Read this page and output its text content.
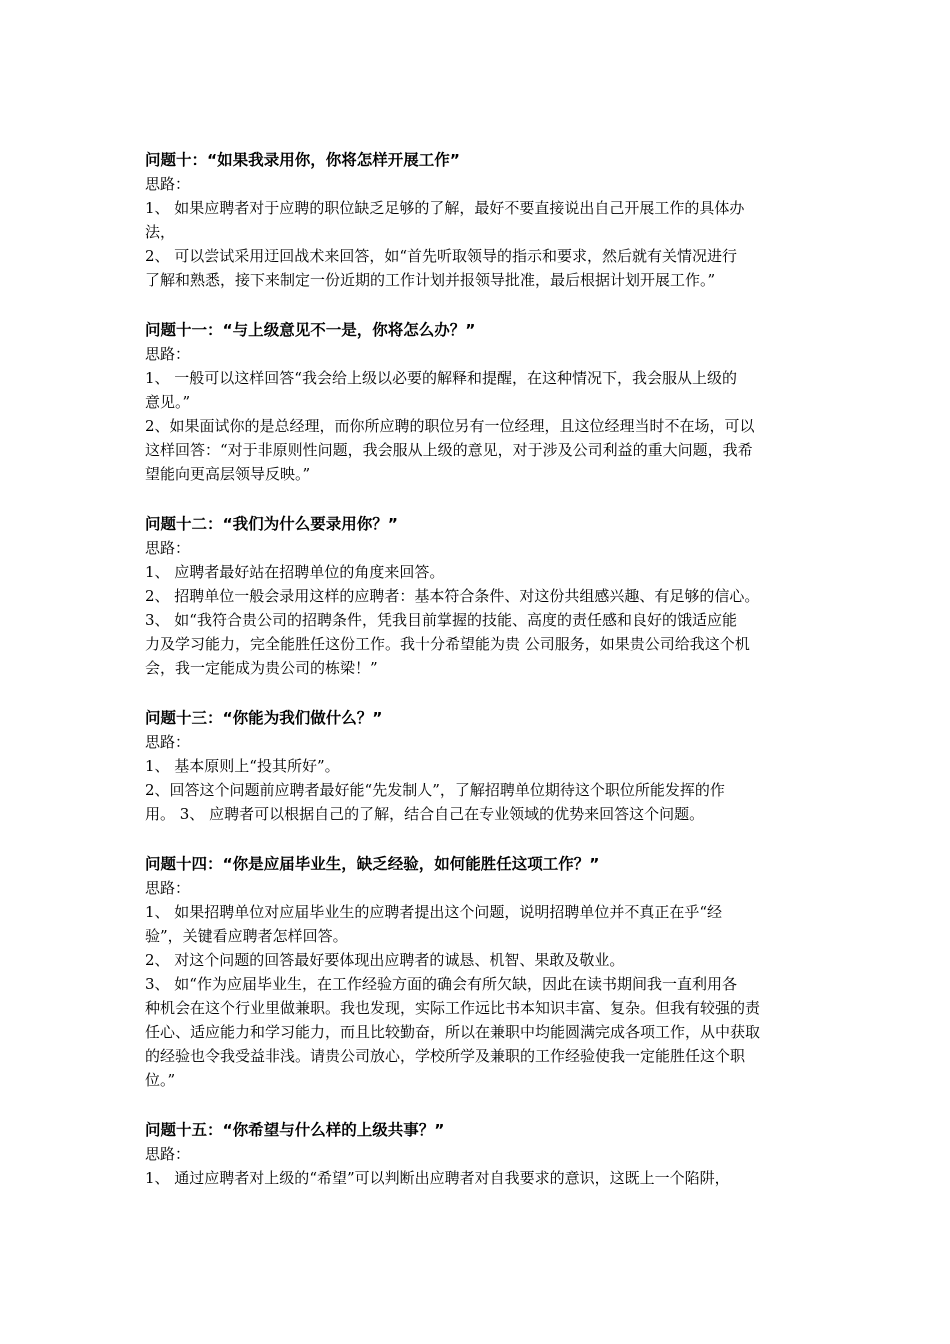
问题十：“如果我录用你，你将怎样开展工作”
思路：
1、 如果应聘者对于应聘的职位缺乏足够的了解，最好不要直接说出自己开展工作的具体办
法，
2、 可以尝试采用迂回战术来回答，如“首先听取领导的指示和要求，然后就有关情况进行
了解和熟悉，接下来制定一份近期的工作计划并报领导批准，最后根据计划开展工作。”
问题十一：“与上级意见不一是，你将怎么办？”
思路：
1、 一般可以这样回答“我会给上级以必要的解释和提醒，在这种情况下，我会服从上级的
意见。”
2、如果面试你的是总经理，而你所应聘的职位另有一位经理，且这位经理当时不在场，可以
这样回答：“对于非原则性问题，我会服从上级的意见，对于涉及公司利益的重大问题，我希
望能向更高层领导反映。”
问题十二：“我们为什么要录用你？”
思路：
1、 应聘者最好站在招聘单位的角度来回答。
2、 招聘单位一般会录用这样的应聘者：基本符合条件、对这份共组感兴趣、有足够的信心。
3、 如“我符合贵公司的招聘条件，凭我目前掌握的技能、高度的责任感和良好的饿适应能
力及学习能力，完全能胜任这份工作。我十分希望能为贵 公司服务，如果贵公司给我这个机
会，我一定能成为贵公司的栋梁！”
问题十三：“你能为我们做什么？”
思路：
1、 基本原则上“投其所好”。
2、回答这个问题前应聘者最好能“先发制人”，了解招聘单位期待这个职位所能发挥的作
用。 3、 应聘者可以根据自己的了解，结合自己在专业领域的优势来回答这个问题。
问题十四：“你是应届毕业生，缺乏经验，如何能胜任这项工作？”
思路：
1、 如果招聘单位对应届毕业生的应聘者提出这个问题，说明招聘单位并不真正在乎“经
验”，关键看应聘者怎样回答。
2、 对这个问题的回答最好要体现出应聘者的诚恳、机智、果敢及敬业。
3、 如“作为应届毕业生，在工作经验方面的确会有所欠缺，因此在读书期间我一直利用各
种机会在这个行业里做兼职。我也发现，实际工作远比书本知识丰富、复杂。但我有较强的责
任心、适应能力和学习能力，而且比较勤奋，所以在兼职中均能圆满完成各项工作，从中获取
的经验也令我受益非浅。请贵公司放心，学校所学及兼职的工作经验使我一定能胜任这个职
位。”
问题十五：“你希望与什么样的上级共事？”
思路：
1、 通过应聘者对上级的“希望”可以判断出应聘者对自我要求的意识，这既上一个陷阱，
